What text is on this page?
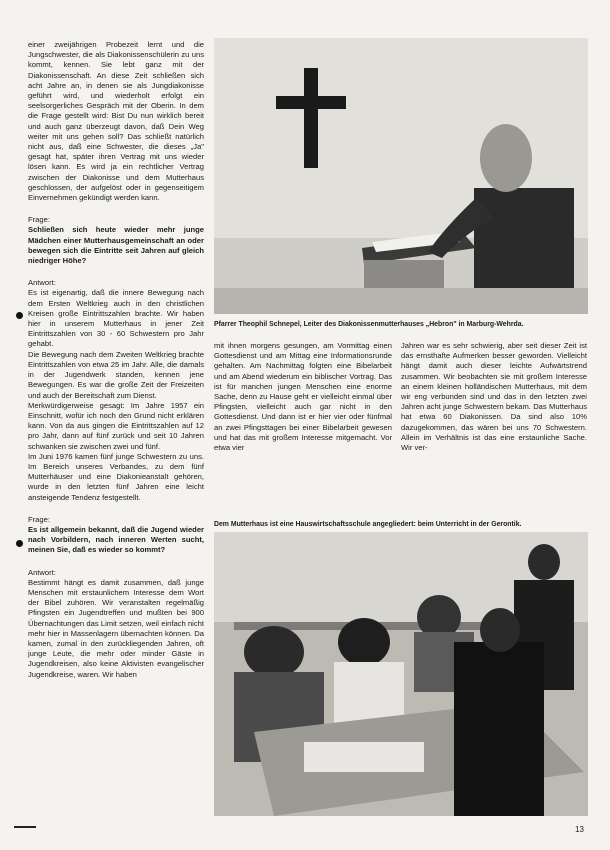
einer zweijährigen Probezeit lernt und die Jungschwester, die als Diakonissenschülerin zu uns kommt, kennen. Sie lebt ganz mit der Diakonissenschaft. An diese Zeit schließen sich acht Jahre an, in denen sie als Jungdiakonisse geführt wird, und wiederholt erfolgt ein seelsorgerliches Gespräch mit der Oberin. In dem die Frage gestellt wird: Bist Du nun wirklich bereit und auch ganz überzeugt davon, daß Dein Weg weiter mit uns gehen soll? Das schließt natürlich nicht aus, daß eine Schwester, die dieses „Ja" gesagt hat, später ihren Vertrag mit uns wieder lösen kann. Es wird ja ein rechtlicher Vertrag zwischen der Diakonisse und dem Mutterhaus geschlossen, der aufgelöst oder in gegenseitigem Einvernehmen gekündigt werden kann.

Frage:

Schließen sich heute wieder mehr junge Mädchen einer Mutterhausgemeinschaft an oder bewegen sich die Eintritte seit Jahren auf gleich niedriger Höhe?

Antwort:

Es ist eigenartig, daß die innere Bewegung nach dem Ersten Weltkrieg auch in den christlichen Kreisen große Eintrittszahlen brachte. Wir haben hier in unserem Mutterhaus in jener Zeit Eintrittszahlen von 30 - 60 Schwestern pro Jahr gehabt.

Die Bewegung nach dem Zweiten Weltkrieg brachte Eintrittszahlen von etwa 25 im Jahr. Alle, die damals in der Jugendwerk standen, kennen jene Bewegungen. Es war die große Zeit der Freizeiten und auch der Bereitschaft zum Dienst.

Merkwürdigerweise gesagt: Im Jahre 1957 ein Einschnitt, wofür ich noch den Grund nicht erklären kann. Von da aus gingen die Eintrittszahlen auf 12 pro Jahr, dann auf fünf zurück und seit 10 Jahren schwanken sie zwischen zwei und fünf.

Im Juni 1976 kamen fünf junge Schwestern zu uns. Im Bereich unseres Verbandes, zu dem fünf Mutterhäuser und eine Diakonieanstalt gehören, wurde in den letzten fünf Jahren eine leicht ansteigende Tendenz festgestellt.

Frage:

Es ist allgemein bekannt, daß die Jugend wieder nach Vorbildern, nach inneren Werten sucht, meinen Sie, daß es wieder so kommt?

Antwort:

Bestimmt hängt es damit zusammen, daß junge Menschen mit erstaunlichem Interesse dem Wort der Bibel zuhören. Wir veranstalten regelmäßig Pfingsten ein Jugendtreffen und mußten bei 900 Übernachtungen das Limit setzen, weil einfach nicht mehr hier in Massenlagern übernachten können. Da kamen, zumal in den zurückliegenden Jahren, oft junge Leute, die mehr oder minder Gäste in Jugendkreisen, also keine Aktivisten evangelischer Jugendkreise, waren. Wir haben

Pfarrer Theophil Schnepel, Leiter des Diakonissenmutterhauses „Hebron" in Marburg-Wehrda.

mit ihnen morgens gesungen, am Vormittag einen Gottesdienst und am Mittag eine Informationsrunde gehalten. Am Nachmittag folgten eine Bibelarbeit und am Abend wiederum ein biblischer Vortrag. Das ist für manchen jungen Menschen eine enorme Sache, denn zu Hause geht er vielleicht einmal über Pfingsten, vielleicht auch gar nicht in den Gottesdienst. Und dann ist er hier vier oder fünfmal an zwei Pfingsttagen bei einer Bibelarbeit gewesen und hat das mit großem Interesse mitgemacht. Vor etwa vier

Jahren war es sehr schwierig, aber seit dieser Zeit ist das ernsthafte Aufmerken besser geworden. Vielleicht hängt damit auch dieser leichte Aufwärtstrend zusammen. Wir beobachten sie mit großem Interesse an einem kleinen holländischen Mutterhaus, mit dem wir eng verbunden sind und das in den letzten zwei Jahren acht junge Schwestern bekam. Das Mutterhaus hat etwa 60 Diakonissen. Da sind also 10% dazugekommen, das wären bei uns 70 Schwestern. Allein im Verhältnis ist das eine erstaunliche Sache. Wir ver-

Dem Mutterhaus ist eine Hauswirtschaftsschule angegliedert: beim Unterricht in der Gerontik.
13
